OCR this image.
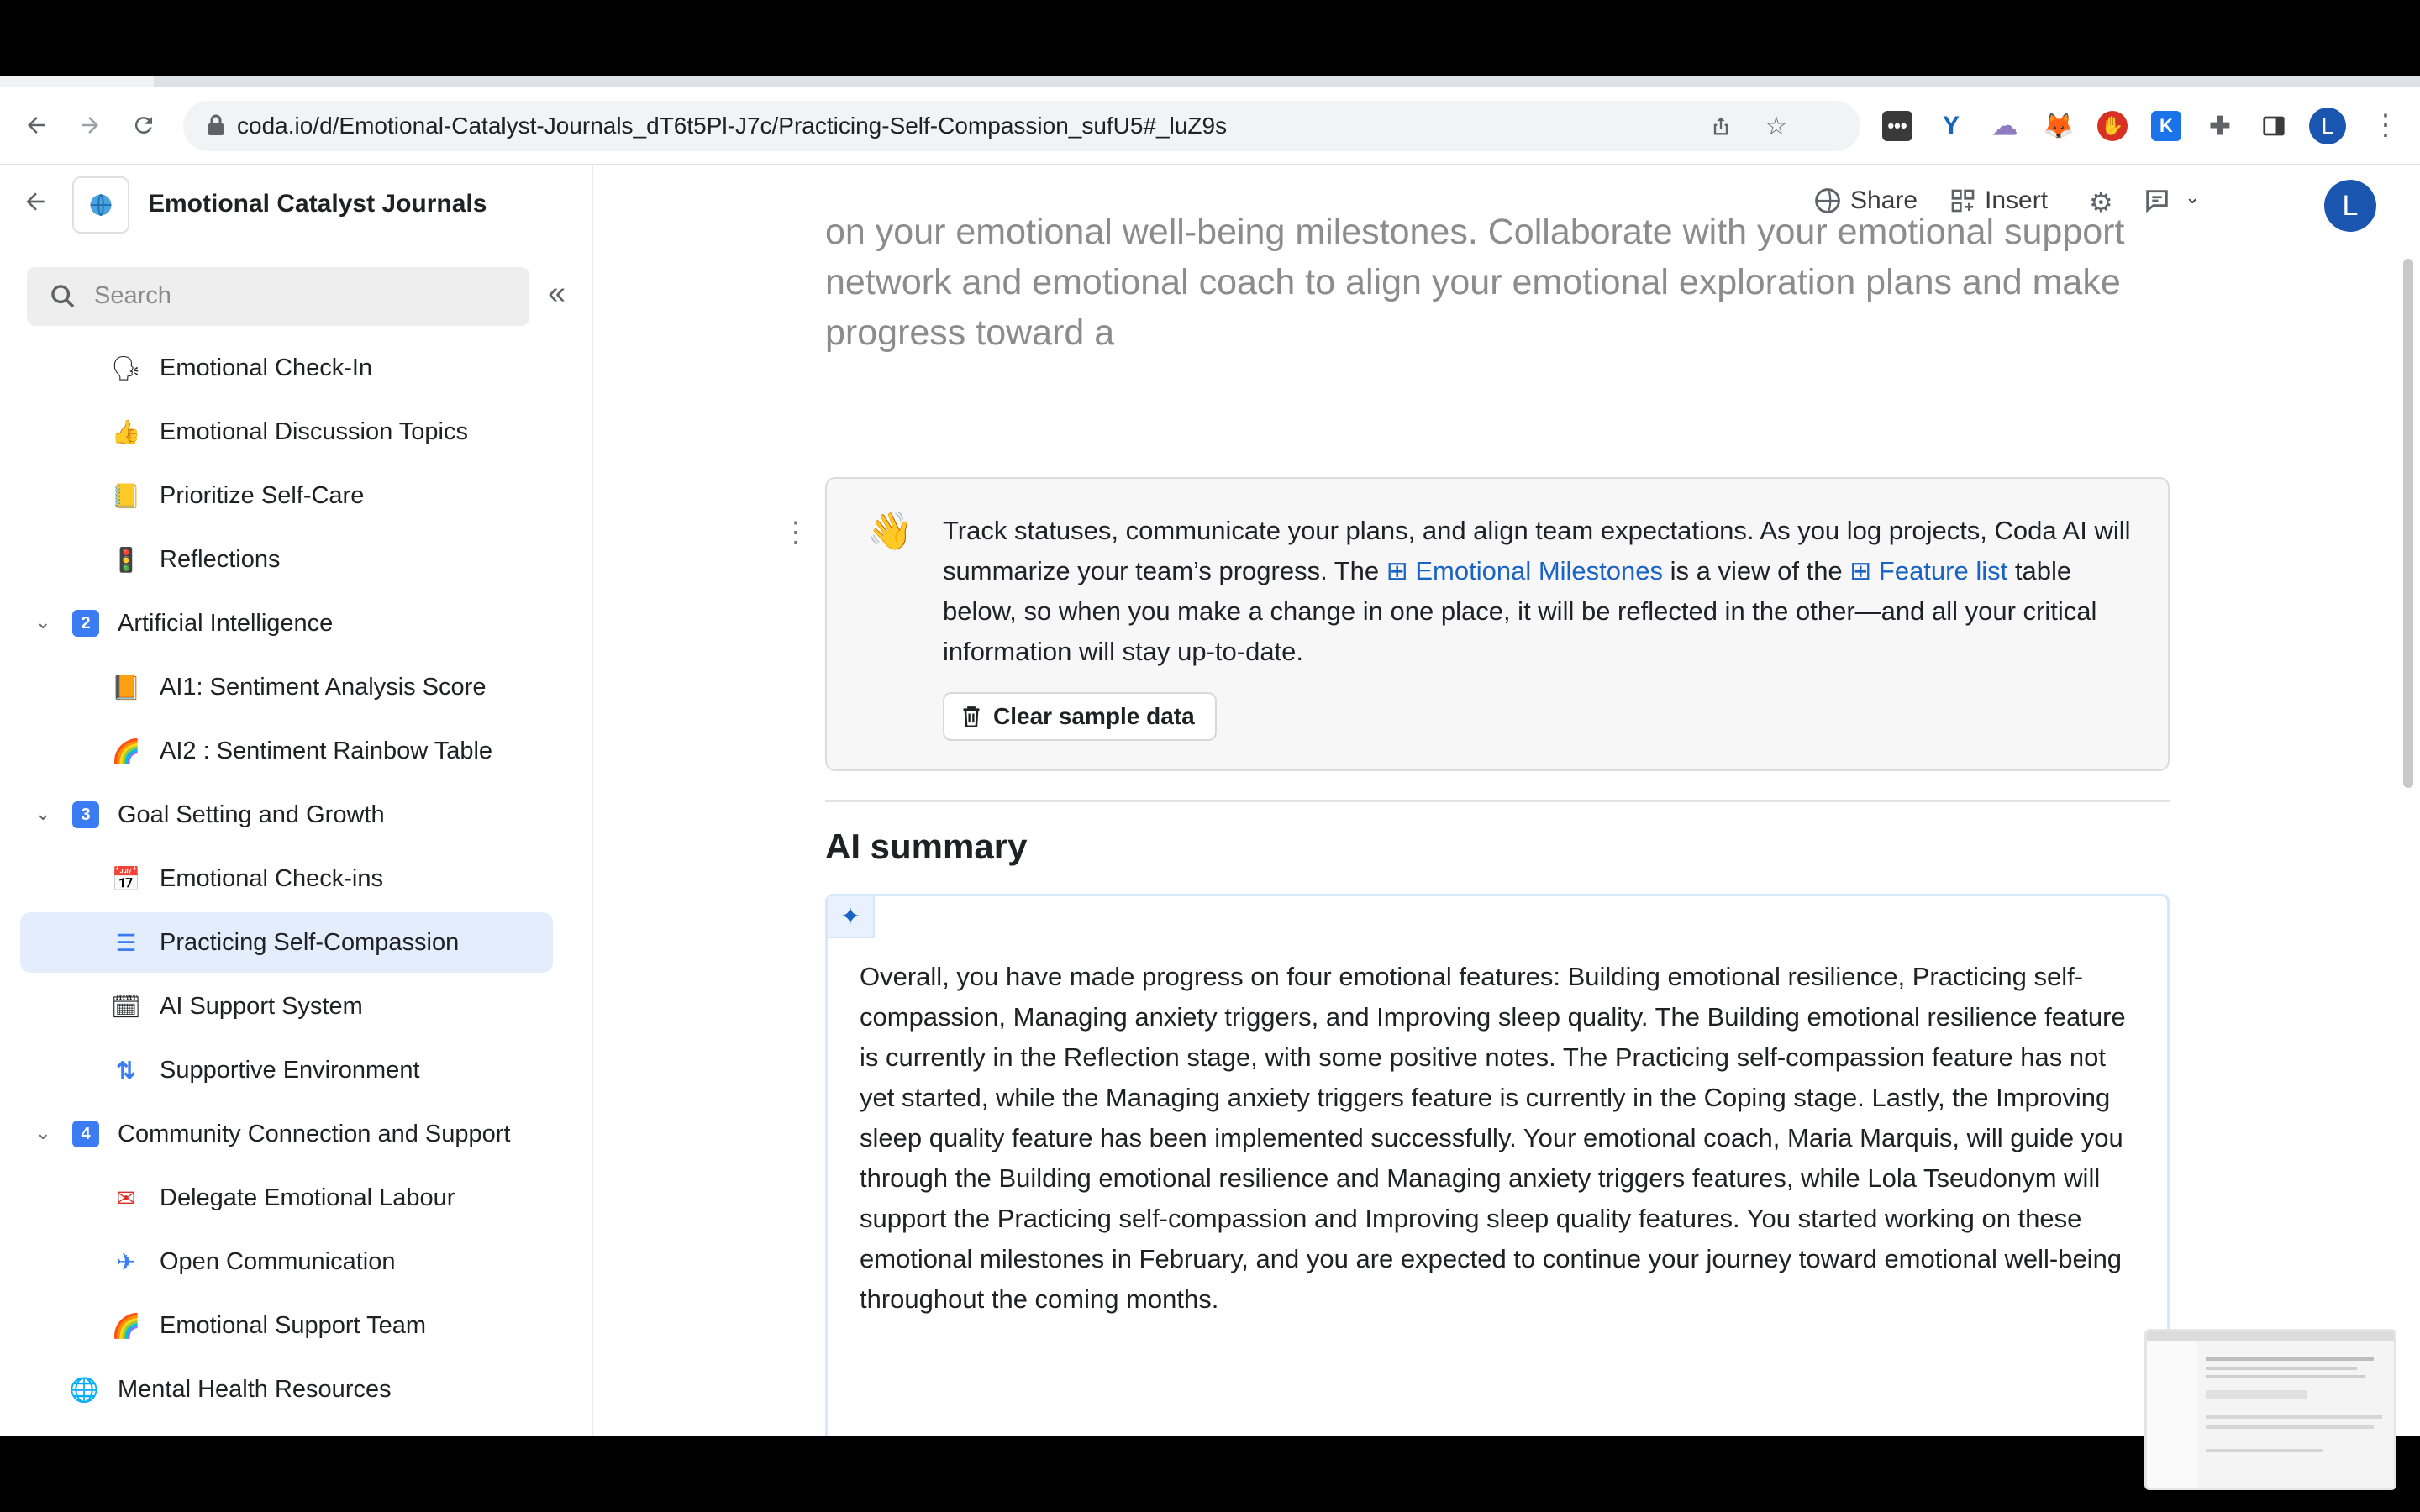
coda.io/d/Emotional-Catalyst-Journals_dT6t5Pl-J7c/Practicing-Self-Compassion_sufU5#_luZ9s	☆	••• Y ☁ 🦊 ✋	K	✚	L	⋮
Emotional Catalyst Journals
Search	«
🗣 Emotional Check-In
👍 Emotional Discussion Topics
📒 Prioritize Self-Care
🚦 Reflections
⌄	2	Artificial Intelligence
📙 AI1: Sentiment Analysis Score
🌈 AI2 : Sentiment Rainbow Table
⌄	3	Goal Setting and Growth
📅 Emotional Check-ins
☰ Practicing Self-Compassion
🗓 AI Support System
⇅ Supportive Environment
⌄	4	Community Connection and Support
✉ Delegate Emotional Labour
✈ Open Communication
🌈 Emotional Support Team
🌐 Mental Health Resources
Share	Insert ⚙	⌄	L
on your emotional well-being milestones. Collaborate with your emotional support network and emotional coach to align your emotional exploration plans and make progress toward a
⋮ 👋 Track statuses, communicate your plans, and align team expectations. As you log projects, Coda AI will summarize your team’s progress. The ⊞ Emotional Milestones is a view of the ⊞ Feature list table below, so when you make a change in one place, it will be reflected in the other—and all your critical information will stay up-to-date.
Clear sample data
AI summary
✦
Overall, you have made progress on four emotional features: Building emotional resilience, Practicing self-compassion, Managing anxiety triggers, and Improving sleep quality. The Building emotional resilience feature is currently in the Reflection stage, with some positive notes. The Practicing self-compassion feature has not yet started, while the Managing anxiety triggers feature is currently in the Coping stage. Lastly, the Improving sleep quality feature has been implemented successfully. Your emotional coach, Maria Marquis, will guide you through the Building emotional resilience and Managing anxiety triggers features, while Lola Tseudonym will support the Practicing self-compassion and Improving sleep quality features. You started working on these emotional milestones in February, and you are expected to continue your journey toward emotional well-being throughout the coming months.
